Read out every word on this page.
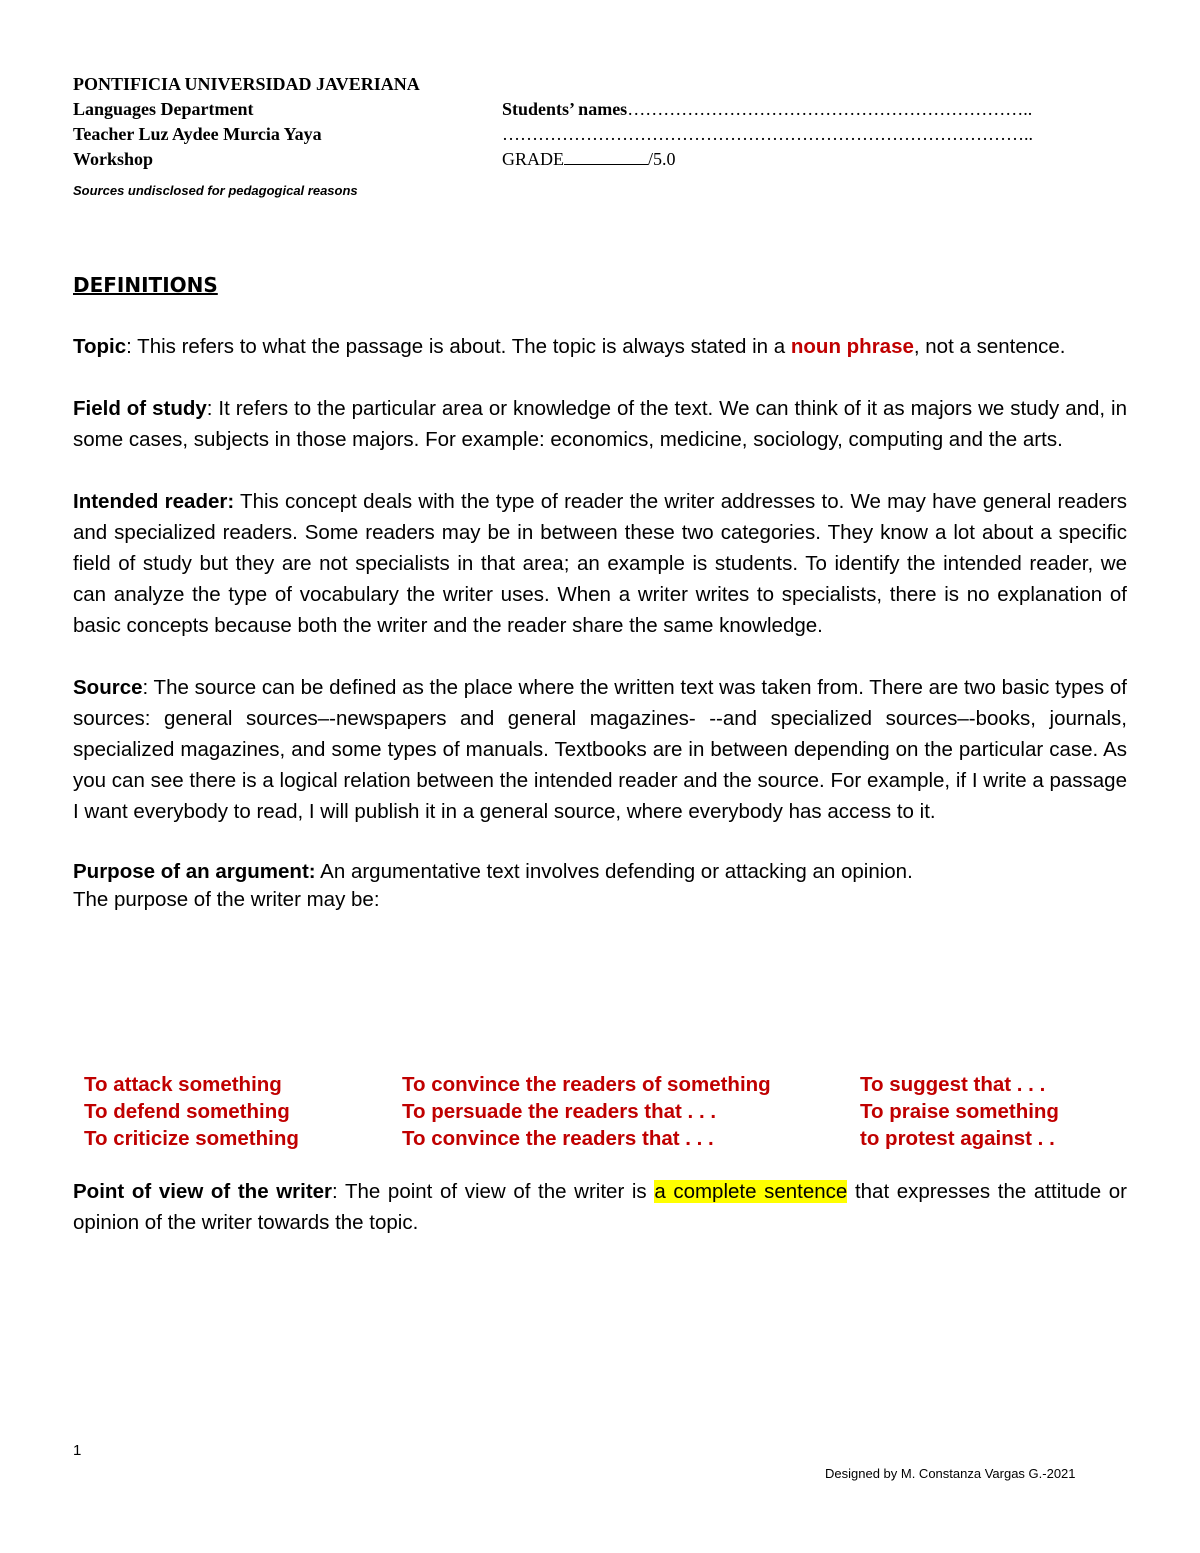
PONTIFICIA UNIVERSIDAD JAVERIANA
Languages Department
Teacher Luz Aydee Murcia Yaya
Workshop
Sources undisclosed for pedagogical reasons
Students’ names…………………………………………………………..
……………………………………………………………………………..
GRADE	/5.0
DEFINITIONS

Topic: This refers to what the passage is about. The topic is always stated in a noun phrase, not a sentence.

Field of study: It refers to the particular area or knowledge of the text. We can think of it as majors we study and, in some cases, subjects in those majors. For example: economics, medicine, sociology, computing and the arts.

Intended reader: This concept deals with the type of reader the writer addresses to. We may have general readers and specialized readers. Some readers may be in between these two categories. They know a lot about a specific field of study but they are not specialists in that area; an example is students. To identify the intended reader, we can analyze the type of vocabulary the writer uses. When a writer writes to specialists, there is no explanation of basic concepts because both the writer and the reader share the same knowledge.

Source: The source can be defined as the place where the written text was taken from. There are two basic types of sources: general sources–-newspapers and general magazines- --and specialized sources–-books, journals, specialized magazines, and some types of manuals. Textbooks are in between depending on the particular case. As you can see there is a logical relation between the intended reader and the source. For example, if I write a passage I want everybody to read, I will publish it in a general source, where everybody has access to it.

Purpose of an argument: An argumentative text involves defending or attacking an opinion.

The purpose of the writer may be:

To attack something
To defend something
To criticize something
To convince the readers of something
To persuade the readers that . . .
To convince the readers that . . .
To suggest that . . .
To praise something
to protest against . .

Point of view of the writer: The point of view of the writer is a complete sentence that expresses the attitude or opinion of the writer towards the topic.

1
Designed by M. Constanza Vargas G.-2021
